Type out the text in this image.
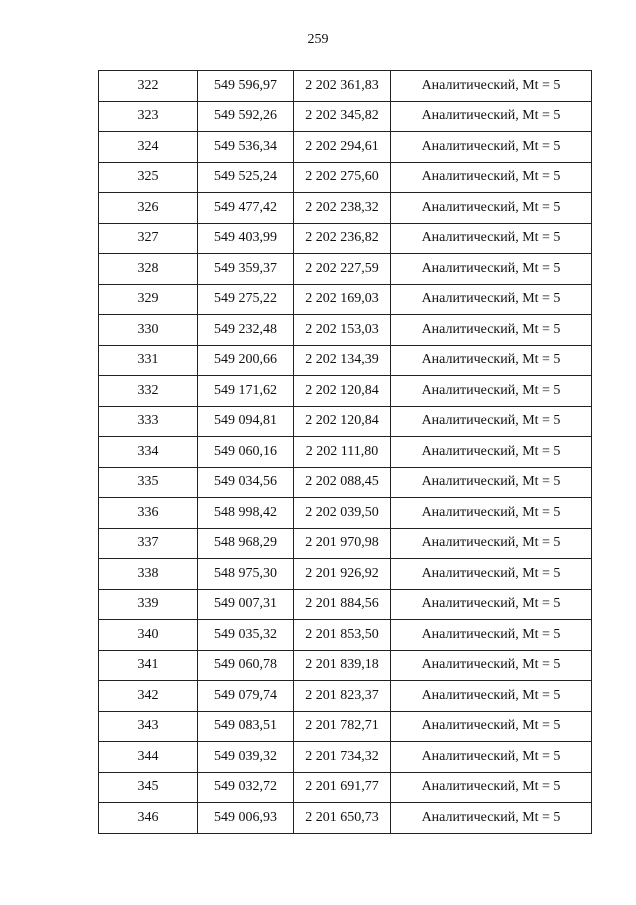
259
322	549 596,97	2 202 361,83	Аналитический, Mt = 5
323	549 592,26	2 202 345,82	Аналитический, Mt = 5
324	549 536,34	2 202 294,61	Аналитический, Mt = 5
325	549 525,24	2 202 275,60	Аналитический, Mt = 5
326	549 477,42	2 202 238,32	Аналитический, Mt = 5
327	549 403,99	2 202 236,82	Аналитический, Mt = 5
328	549 359,37	2 202 227,59	Аналитический, Mt = 5
329	549 275,22	2 202 169,03	Аналитический, Mt = 5
330	549 232,48	2 202 153,03	Аналитический, Mt = 5
331	549 200,66	2 202 134,39	Аналитический, Mt = 5
332	549 171,62	2 202 120,84	Аналитический, Mt = 5
333	549 094,81	2 202 120,84	Аналитический, Mt = 5
334	549 060,16	2 202 111,80	Аналитический, Mt = 5
335	549 034,56	2 202 088,45	Аналитический, Mt = 5
336	548 998,42	2 202 039,50	Аналитический, Mt = 5
337	548 968,29	2 201 970,98	Аналитический, Mt = 5
338	548 975,30	2 201 926,92	Аналитический, Mt = 5
339	549 007,31	2 201 884,56	Аналитический, Mt = 5
340	549 035,32	2 201 853,50	Аналитический, Mt = 5
341	549 060,78	2 201 839,18	Аналитический, Mt = 5
342	549 079,74	2 201 823,37	Аналитический, Mt = 5
343	549 083,51	2 201 782,71	Аналитический, Mt = 5
344	549 039,32	2 201 734,32	Аналитический, Mt = 5
345	549 032,72	2 201 691,77	Аналитический, Mt = 5
346	549 006,93	2 201 650,73	Аналитический, Mt = 5
